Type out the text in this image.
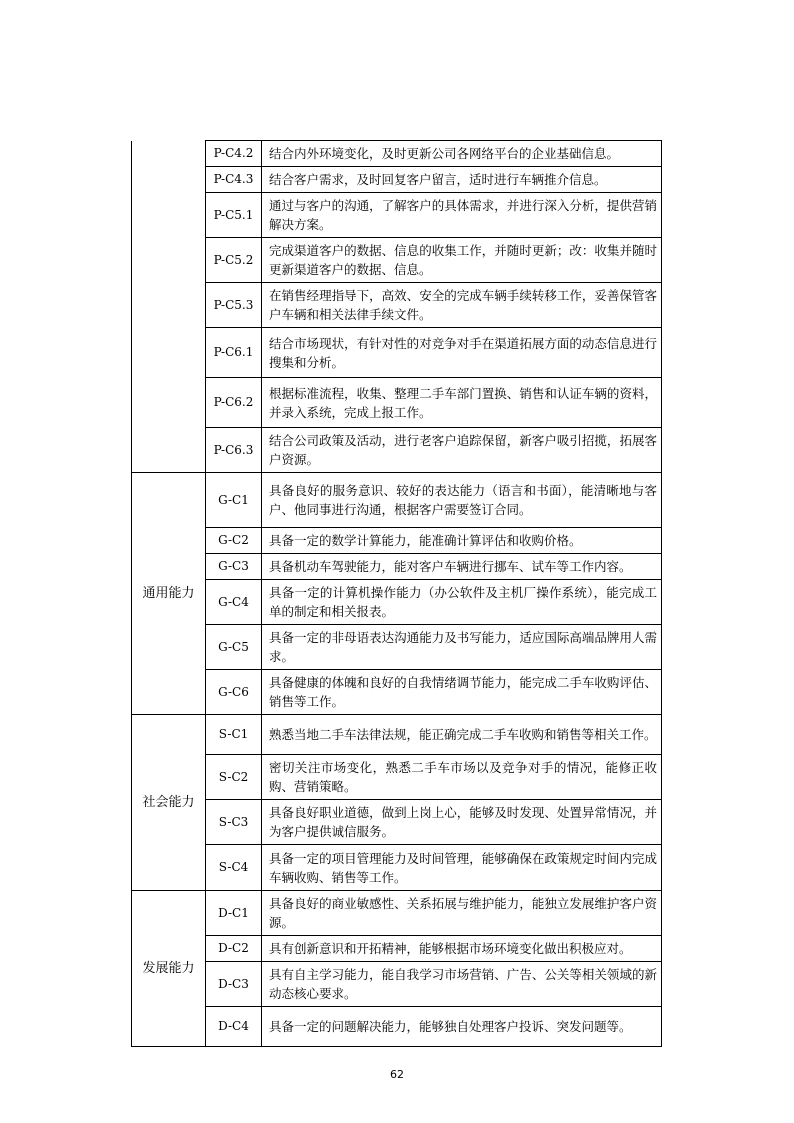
	P-C4.2	结合内外环境变化，及时更新公司各网络平台的企业基础信息。
	P-C4.3	结合客户需求，及时回复客户留言，适时进行车辆推介信息。
	P-C5.1	通过与客户的沟通，了解客户的具体需求，并进行深入分析，提供营销解决方案。
	P-C5.2	完成渠道客户的数据、信息的收集工作，并随时更新；改：收集并随时更新渠道客户的数据、信息。
	P-C5.3	在销售经理指导下，高效、安全的完成车辆手续转移工作，妥善保管客户车辆和相关法律手续文件。
	P-C6.1	结合市场现状，有针对性的对竞争对手在渠道拓展方面的动态信息进行搜集和分析。
	P-C6.2	根据标准流程，收集、整理二手车部门置换、销售和认证车辆的资料，并录入系统，完成上报工作。
	P-C6.3	结合公司政策及活动，进行老客户追踪保留，新客户吸引招揽，拓展客户资源。
通用能力	G-C1	具备良好的服务意识、较好的表达能力（语言和书面），能清晰地与客户、他同事进行沟通，根据客户需要签订合同。
	G-C2	具备一定的数学计算能力，能准确计算评估和收购价格。
	G-C3	具备机动车驾驶能力，能对客户车辆进行挪车、试车等工作内容。
	G-C4	具备一定的计算机操作能力（办公软件及主机厂操作系统），能完成工单的制定和相关报表。
	G-C5	具备一定的非母语表达沟通能力及书写能力，适应国际高端品牌用人需求。
	G-C6	具备健康的体魄和良好的自我情绪调节能力，能完成二手车收购评估、销售等工作。
社会能力	S-C1	熟悉当地二手车法律法规，能正确完成二手车收购和销售等相关工作。
	S-C2	密切关注市场变化，熟悉二手车市场以及竞争对手的情况，能修正收购、营销策略。
	S-C3	具备良好职业道德，做到上岗上心，能够及时发现、处置异常情况，并为客户提供诚信服务。
	S-C4	具备一定的项目管理能力及时间管理，能够确保在政策规定时间内完成车辆收购、销售等工作。
发展能力	D-C1	具备良好的商业敏感性、关系拓展与维护能力，能独立发展维护客户资源。
	D-C2	具有创新意识和开拓精神，能够根据市场环境变化做出积极应对。
	D-C3	具有自主学习能力，能自我学习市场营销、广告、公关等相关领域的新动态核心要求。
	D-C4	具备一定的问题解决能力，能够独自处理客户投诉、突发问题等。
62
